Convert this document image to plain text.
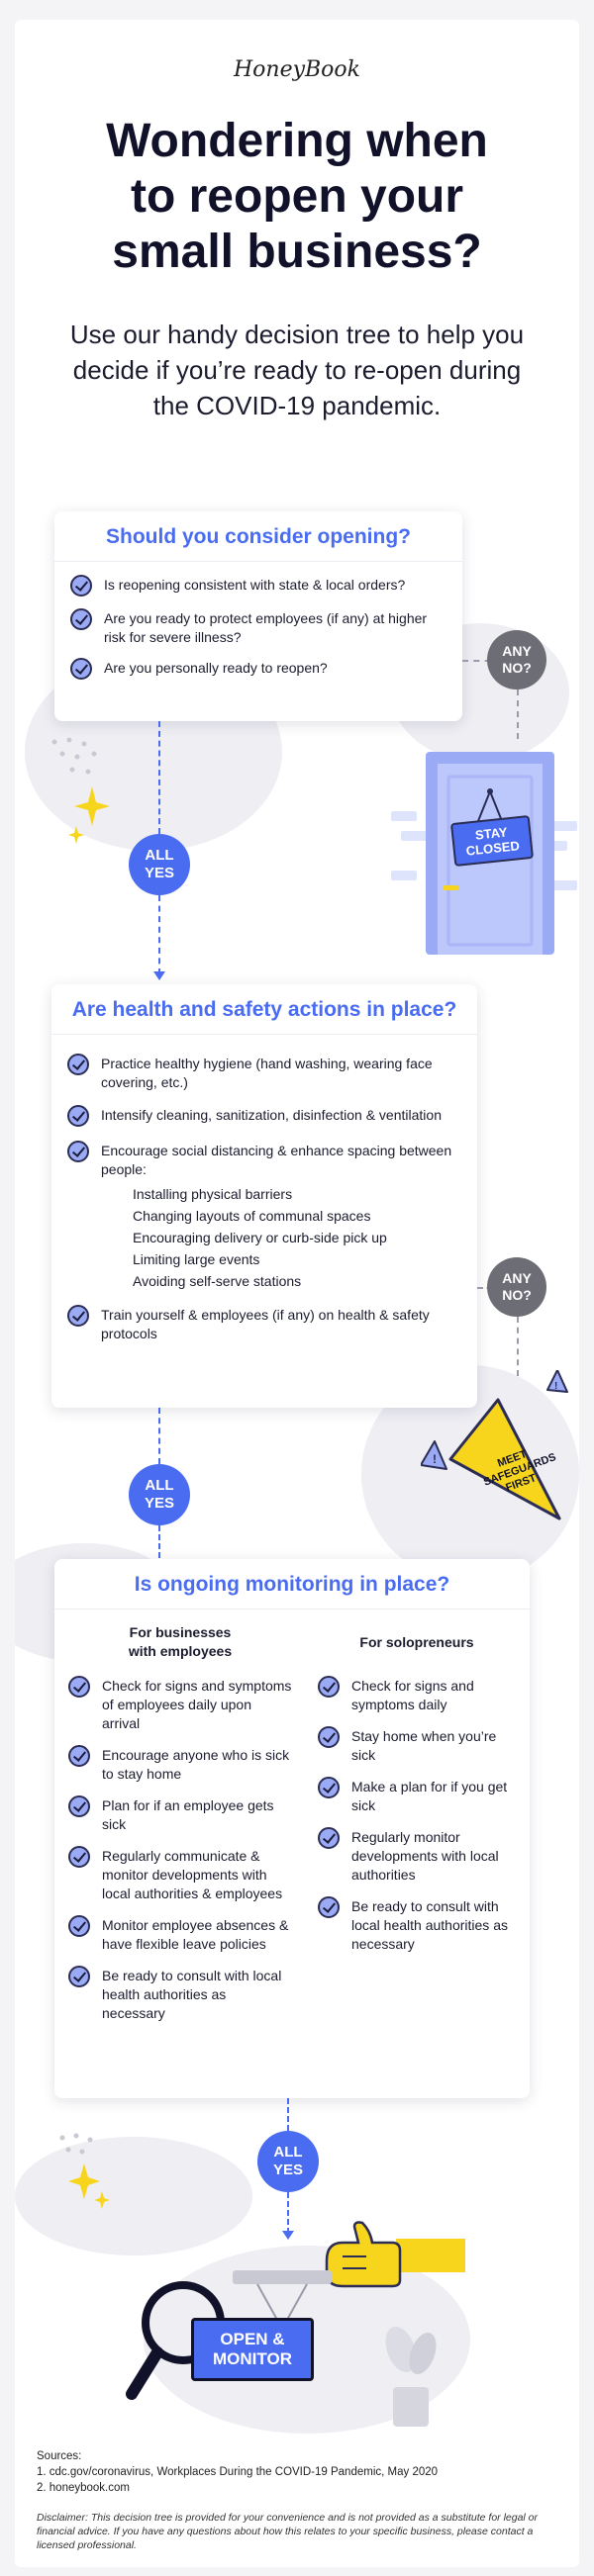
HoneyBook
Wondering when
to reopen your
small business?
Use our handy decision tree to help you decide if you’re ready to re-open during the COVID-19 pandemic.
Should you consider opening?
Is reopening consistent with state & local orders?
Are you ready to protect employees (if any) at higher risk for severe illness?
Are you personally ready to reopen?
ANY NO?
STAY CLOSED
ALL YES
Are health and safety actions in place?
Practice healthy hygiene (hand washing, wearing face covering, etc.)
Intensify cleaning, sanitization, disinfection & ventilation
Encourage social distancing & enhance spacing between people:
Installing physical barriers
Changing layouts of communal spaces
Encouraging delivery or curb-side pick up
Limiting large events
Avoiding self-serve stations
Train yourself & employees (if any) on health & safety protocols
ANY NO?
!
!
MEET SAFEGUARDS FIRST
ALL YES
Is ongoing monitoring in place?
For businesses with employees
Check for signs and symptoms of employees daily upon arrival
Encourage anyone who is sick to stay home
Plan for if an employee gets sick
Regularly communicate & monitor developments with local authorities & employees
Monitor employee absences & have flexible leave policies
Be ready to consult with local health authorities as necessary
For solopreneurs
Check for signs and symptoms daily
Stay home when you’re sick
Make a plan for if you get sick
Regularly monitor developments with local authorities
Be ready to consult with local health authorities as necessary
ALL YES
OPEN & MONITOR
Sources:
1. cdc.gov/coronavirus, Workplaces During the COVID-19 Pandemic, May 2020
2. honeybook.com
Disclaimer: This decision tree is provided for your convenience and is not provided as a substitute for legal or financial advice. If you have any questions about how this relates to your specific business, please contact a licensed professional.
